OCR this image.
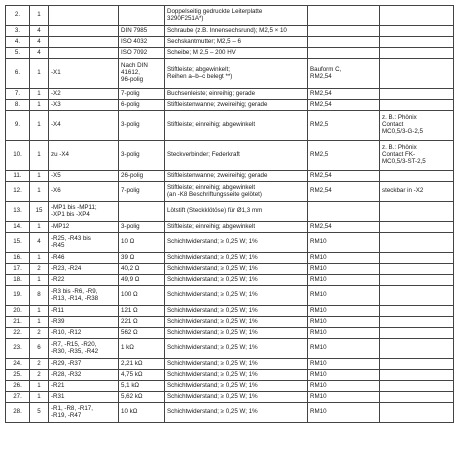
2.	1			Doppelseitig gedruckte Leiterplatte
3290F251A*)		
3.	4		DIN 7985	Schraube (z.B. Innensechsrund); M2,5 × 10		
4.	4		ISO 4032	Sechskantmutter; M2,5 – 6		
5.	4		ISO 7092	Scheibe; M 2,5 – 200 HV		
6.	1	-X1	Nach DIN
41612,
96-polig	Stiftleiste; abgewinkelt;
Reihen a–b–c belegt **)	Bauform C,
RM2,54	
7.	1	-X2	7-polig	Buchsenleiste; einreihig; gerade	RM2,54	
8.	1	-X3	6-polig	Stiftleistenwanne; zweireihig; gerade	RM2,54	
9.	1	-X4	3-polig	Stiftleiste; einreihig; abgewinkelt	RM2,5	z. B.: Phönix
Contact
MC0,5/3-G-2,5
10.	1	zu -X4	3-polig	Steckverbinder; Federkraft	RM2,5	z. B.: Phönix
Contact FK-
MC0,5/3-ST-2,5
11.	1	-X5	26-polig	Stiftleistenwanne; zweireihig; gerade	RM2,54	
12.	1	-X6	7-polig	Stiftleiste; einreihig; abgewinkelt
(an -K8 Beschriftungsseite gelötet)	RM2,54	steckbar in -X2
13.	15	-MP1 bis -MP11;
-XP1 bis -XP4		Lötstift (Steckklötöse) für Ø1,3 mm		
14.	1	-MP12	3-polig	Stiftleiste; einreihig; abgewinkelt	RM2,54	
15.	4	-R25, -R43 bis
-R45	10 Ω	Schichtwiderstand; ≥ 0,25 W; 1%	RM10	
16.	1	-R46	39 Ω	Schichtwiderstand; ≥ 0,25 W; 1%	RM10	
17.	2	-R23, -R24	40,2 Ω	Schichtwiderstand; ≥ 0,25 W; 1%	RM10	
18.	1	-R22	49,9 Ω	Schichtwiderstand; ≥ 0,25 W; 1%	RM10	
19.	8	-R3 bis -R6, -R9,
-R13, -R14, -R38	100 Ω	Schichtwiderstand; ≥ 0,25 W; 1%	RM10	
20.	1	-R11	121 Ω	Schichtwiderstand; ≥ 0,25 W; 1%	RM10	
21.	1	-R39	221 Ω	Schichtwiderstand; ≥ 0,25 W; 1%	RM10	
22.	2	-R10, -R12	562 Ω	Schichtwiderstand; ≥ 0,25 W; 1%	RM10	
23.	6	-R7, -R15, -R20,
-R30, -R35, -R42	1 kΩ	Schichtwiderstand; ≥ 0,25 W; 1%	RM10	
24.	2	-R29, -R37	2,21 kΩ	Schichtwiderstand; ≥ 0,25 W; 1%	RM10	
25.	2	-R28, -R32	4,75 kΩ	Schichtwiderstand; ≥ 0,25 W; 1%	RM10	
26.	1	-R21	5,1 kΩ	Schichtwiderstand; ≥ 0,25 W; 1%	RM10	
27.	1	-R31	5,62 kΩ	Schichtwiderstand; ≥ 0,25 W; 1%	RM10	
28.	5	-R1, -R8, -R17,
-R19, -R47	10 kΩ	Schichtwiderstand; ≥ 0,25 W; 1%	RM10	
